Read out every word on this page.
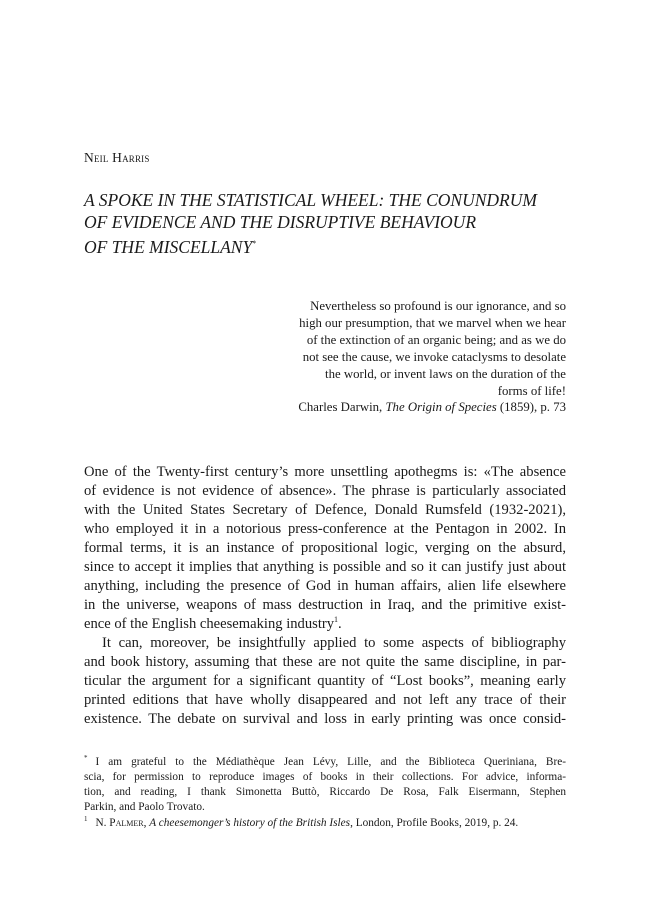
Neil Harris
A SPOKE IN THE STATISTICAL WHEEL: THE CONUNDRUM
OF EVIDENCE AND THE DISRUPTIVE BEHAVIOUR
OF THE MISCELLANY*
Nevertheless so profound is our ignorance, and so
high our presumption, that we marvel when we hear
of the extinction of an organic being; and as we do
not see the cause, we invoke cataclysms to desolate
the world, or invent laws on the duration of the
forms of life!
Charles Darwin, The Origin of Species (1859), p. 73
One of the Twenty-first century’s more unsettling apothegms is: «The absence
of evidence is not evidence of absence». The phrase is particularly associated
with the United States Secretary of Defence, Donald Rumsfeld (1932-2021),
who employed it in a notorious press-conference at the Pentagon in 2002. In
formal terms, it is an instance of propositional logic, verging on the absurd,
since to accept it implies that anything is possible and so it can justify just about
anything, including the presence of God in human affairs, alien life elsewhere
in the universe, weapons of mass destruction in Iraq, and the primitive exist-
ence of the English cheesemaking industry$^1$.
It can, moreover, be insightfully applied to some aspects of bibliography
and book history, assuming that these are not quite the same discipline, in par-
ticular the argument for a significant quantity of “Lost books”, meaning early
printed editions that have wholly disappeared and not left any trace of their
existence. The debate on survival and loss in early printing was once consid-
* I am grateful to the Médiathèque Jean Lévy, Lille, and the Biblioteca Queriniana, Bre-
scia, for permission to reproduce images of books in their collections. For advice, informa-
tion, and reading, I thank Simonetta Buttò, Riccardo De Rosa, Falk Eisermann, Stephen
Parkin, and Paolo Trovato.
$^1$ N. Palmer, A cheesemonger’s history of the British Isles, London, Profile Books, 2019, p. 24.
